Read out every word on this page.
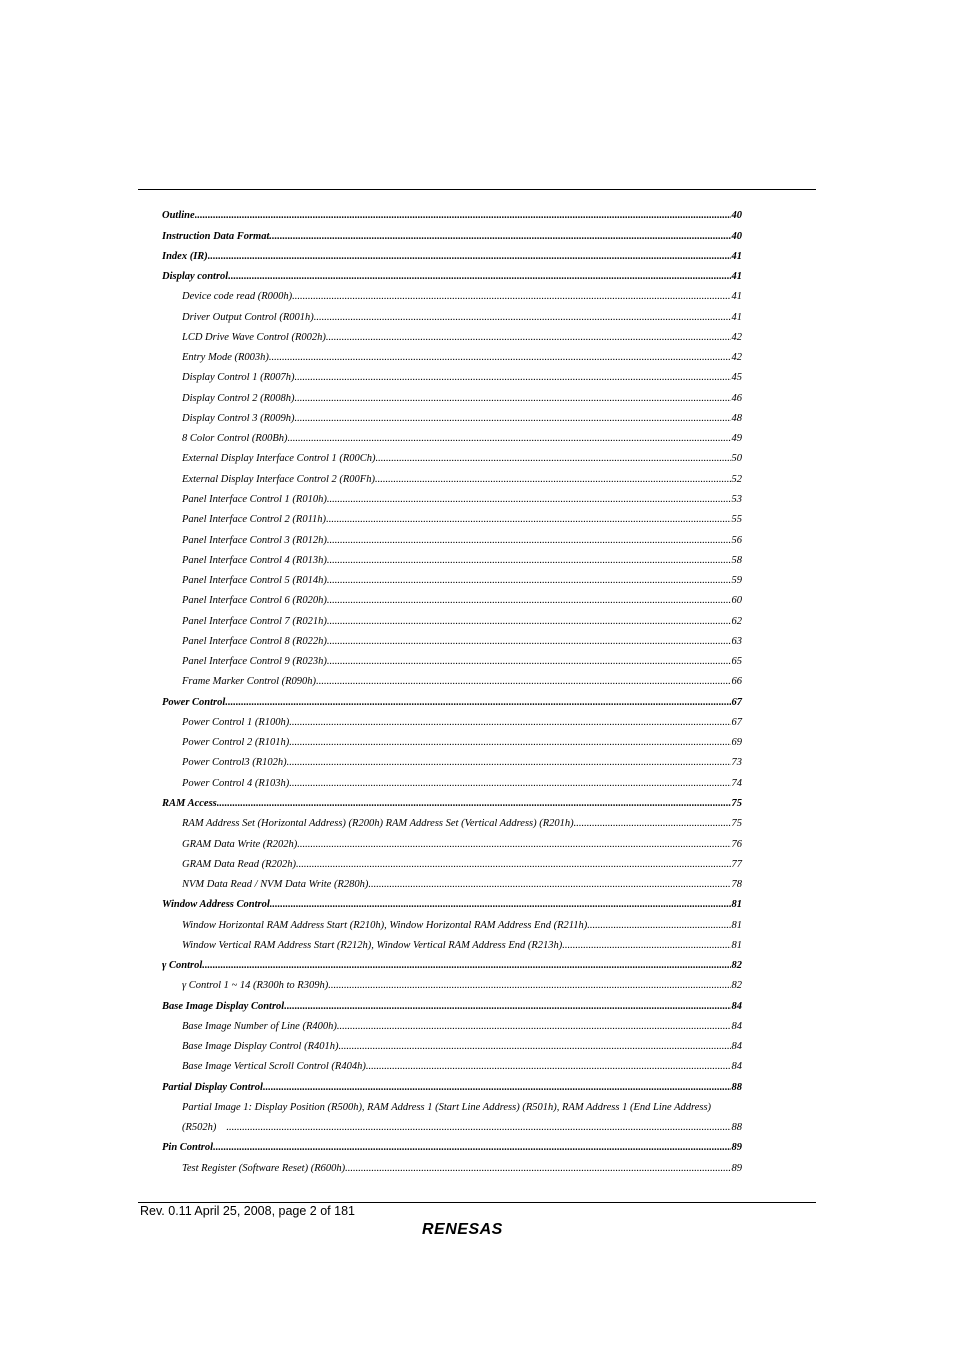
Outline .....	40
Instruction Data Format .....	40
Index (IR) .....	41
Display control .....	41
Device code read (R000h) .....	41
Driver Output Control (R001h) .....	41
LCD Drive Wave Control (R002h) .....	42
Entry Mode (R003h) .....	42
Display Control 1 (R007h) .....	45
Display Control 2 (R008h) .....	46
Display Control 3 (R009h) .....	48
8 Color Control (R00Bh) .....	49
External Display Interface Control 1 (R00Ch) .....	50
External Display Interface Control 2 (R00Fh) .....	52
Panel Interface Control 1 (R010h) .....	53
Panel Interface Control 2 (R011h) .....	55
Panel Interface Control 3 (R012h) .....	56
Panel Interface Control 4 (R013h) .....	58
Panel Interface Control 5 (R014h) .....	59
Panel Interface Control 6 (R020h) .....	60
Panel Interface Control 7 (R021h) .....	62
Panel Interface Control 8 (R022h) .....	63
Panel Interface Control 9 (R023h) .....	65
Frame Marker Control (R090h) .....	66
Power Control .....	67
Power Control 1 (R100h) .....	67
Power Control 2 (R101h) .....	69
Power Control3 (R102h) .....	73
Power Control 4 (R103h) .....	74
RAM Access .....	75
RAM Address Set (Horizontal Address) (R200h) RAM Address Set (Vertical Address) (R201h) .....	75
GRAM Data Write (R202h) .....	76
GRAM Data Read (R202h) .....	77
NVM Data Read / NVM Data Write (R280h) .....	78
Window Address Control .....	81
Window Horizontal RAM Address Start (R210h), Window Horizontal RAM Address End (R211h) .....	81
Window Vertical RAM Address Start (R212h), Window Vertical RAM Address End (R213h) .....	81
γ Control .....	82
γ Control 1 ~ 14 (R300h to R309h) .....	82
Base Image Display Control .....	84
Base Image Number of Line (R400h) .....	84
Base Image Display Control (R401h) .....	84
Base Image Vertical Scroll Control (R404h) .....	84
Partial Display Control .....	88
Partial Image 1: Display Position (R500h), RAM Address 1 (Start Line Address) (R501h), RAM Address 1 (End Line Address)
(R502h) .....	88
Pin Control .....	89
Test Register (Software Reset) (R600h) .....	89
Rev. 0.11 April 25, 2008, page 2 of 181
RENESAS
